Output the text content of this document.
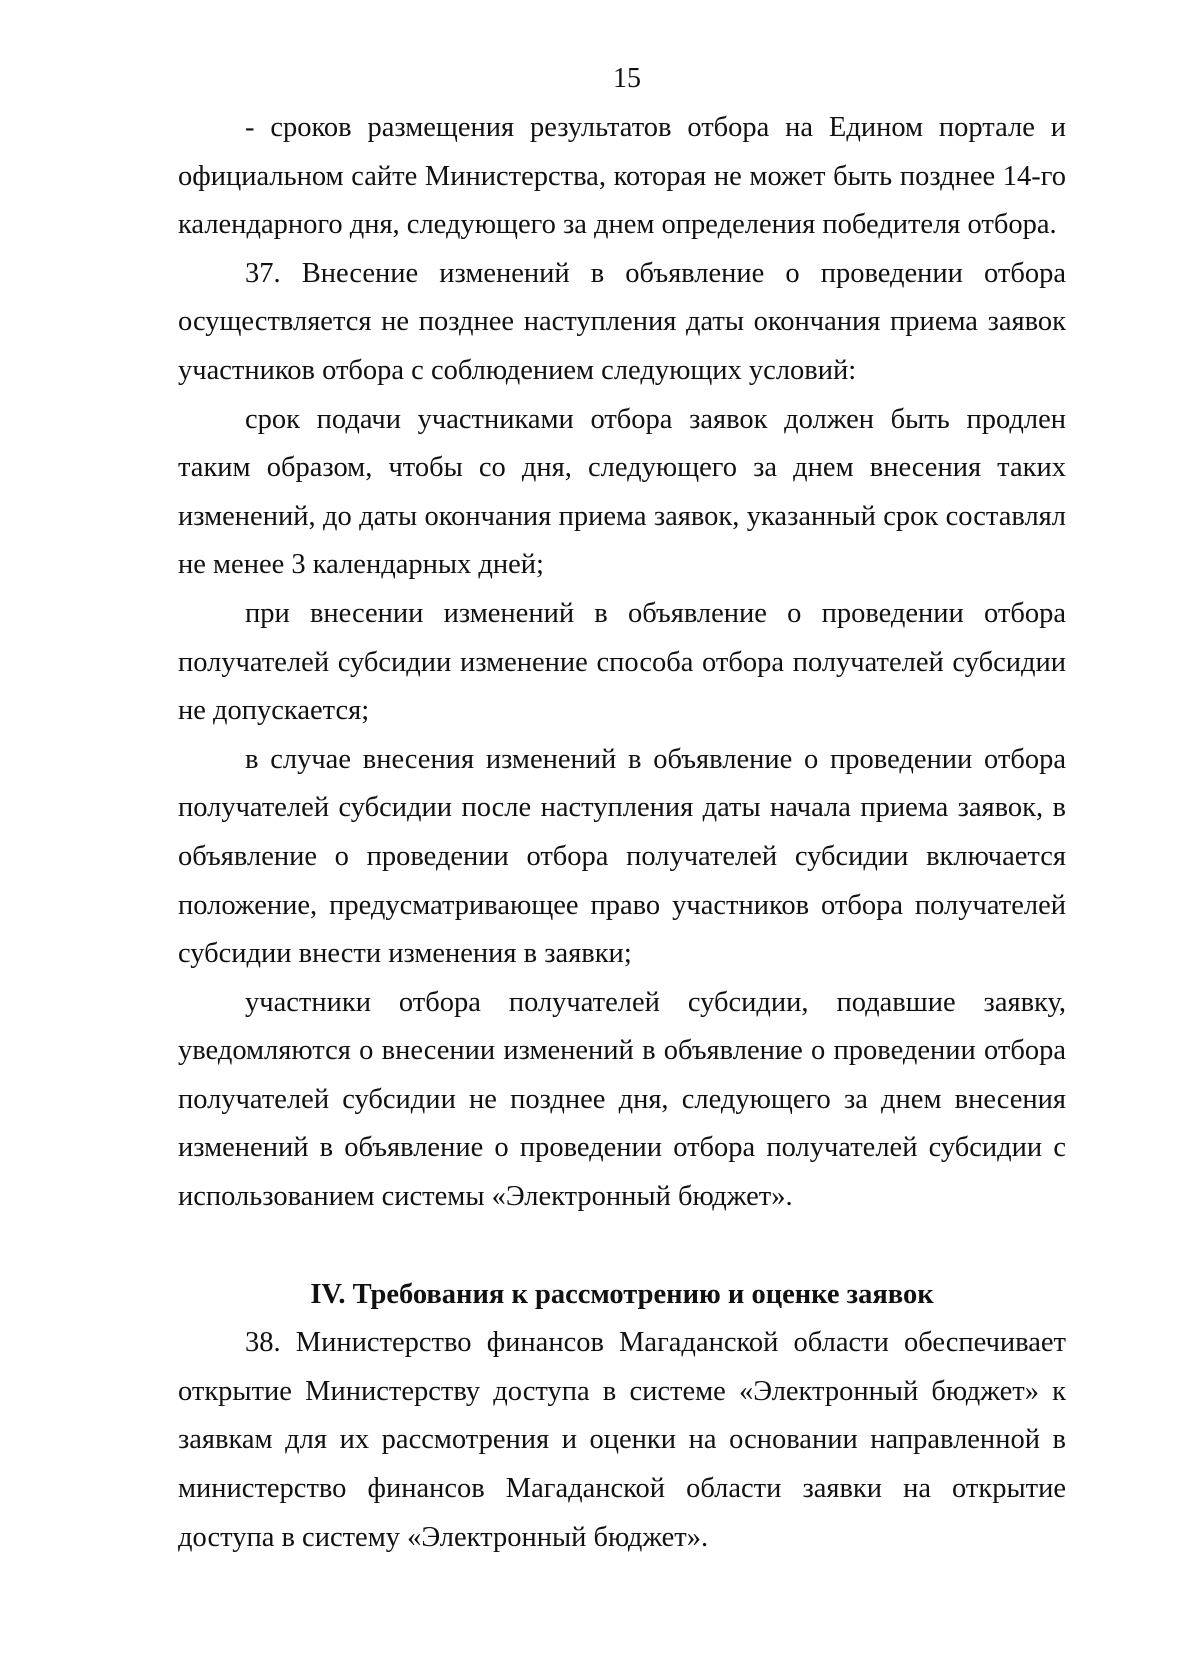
15

- сроков размещения результатов отбора на Едином портале и официальном сайте Министерства, которая не может быть позднее 14-го календарного дня, следующего за днем определения победителя отбора.

37. Внесение изменений в объявление о проведении отбора осуществляется не позднее наступления даты окончания приема заявок участников отбора с соблюдением следующих условий:

срок подачи участниками отбора заявок должен быть продлен таким образом, чтобы со дня, следующего за днем внесения таких изменений, до даты окончания приема заявок, указанный срок составлял не менее 3 календарных дней;

при внесении изменений в объявление о проведении отбора получателей субсидии изменение способа отбора получателей субсидии не допускается;

в случае внесения изменений в объявление о проведении отбора получателей субсидии после наступления даты начала приема заявок, в объявление о проведении отбора получателей субсидии включается положение, предусматривающее право участников отбора получателей субсидии внести изменения в заявки;

участники отбора получателей субсидии, подавшие заявку, уведомляются о внесении изменений в объявление о проведении отбора получателей субсидии не позднее дня, следующего за днем внесения изменений в объявление о проведении отбора получателей субсидии с использованием системы «Электронный бюджет».

IV. Требования к рассмотрению и оценке заявок

38. Министерство финансов Магаданской области обеспечивает открытие Министерству доступа в системе «Электронный бюджет» к заявкам для их рассмотрения и оценки на основании направленной в министерство финансов Магаданской области заявки на открытие доступа в систему «Электронный бюджет».
